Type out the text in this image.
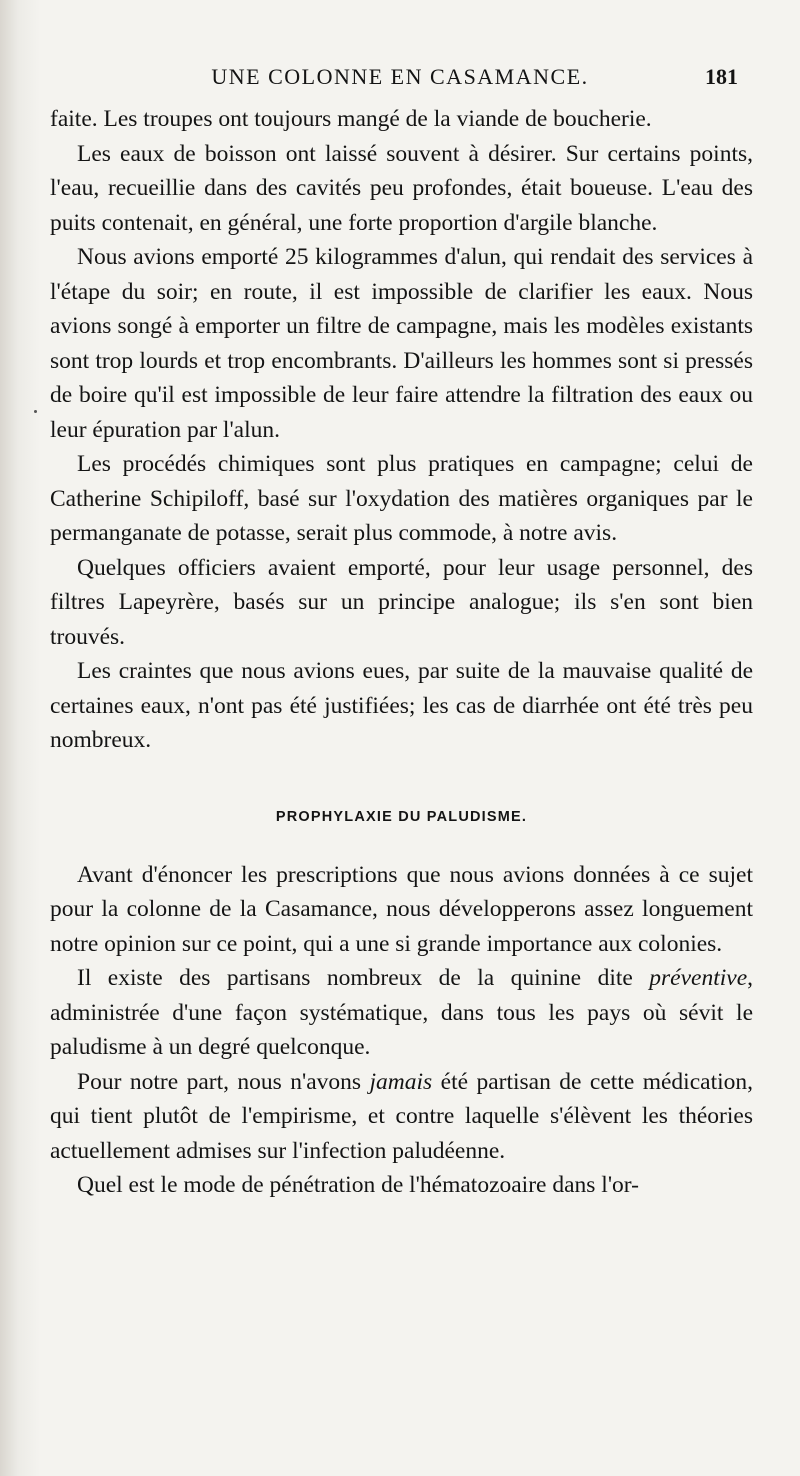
UNE COLONNE EN CASAMANCE.	181

faite. Les troupes ont toujours mangé de la viande de boucherie.

Les eaux de boisson ont laissé souvent à désirer. Sur certains points, l'eau, recueillie dans des cavités peu profondes, était boueuse. L'eau des puits contenait, en général, une forte proportion d'argile blanche.

Nous avions emporté 25 kilogrammes d'alun, qui rendait des services à l'étape du soir; en route, il est impossible de clarifier les eaux. Nous avions songé à emporter un filtre de campagne, mais les modèles existants sont trop lourds et trop encombrants. D'ailleurs les hommes sont si pressés de boire qu'il est impossible de leur faire attendre la filtration des eaux ou leur épuration par l'alun.

Les procédés chimiques sont plus pratiques en campagne; celui de Catherine Schipiloff, basé sur l'oxydation des matières organiques par le permanganate de potasse, serait plus commode, à notre avis.

Quelques officiers avaient emporté, pour leur usage personnel, des filtres Lapeyrère, basés sur un principe analogue; ils s'en sont bien trouvés.

Les craintes que nous avions eues, par suite de la mauvaise qualité de certaines eaux, n'ont pas été justifiées; les cas de diarrhée ont été très peu nombreux.

PROPHYLAXIE DU PALUDISME.

Avant d'énoncer les prescriptions que nous avions données à ce sujet pour la colonne de la Casamance, nous développerons assez longuement notre opinion sur ce point, qui a une si grande importance aux colonies.

Il existe des partisans nombreux de la quinine dite préventive, administrée d'une façon systématique, dans tous les pays où sévit le paludisme à un degré quelconque.

Pour notre part, nous n'avons jamais été partisan de cette médication, qui tient plutôt de l'empirisme, et contre laquelle s'élèvent les théories actuellement admises sur l'infection paludéenne.

Quel est le mode de pénétration de l'hématozoaire dans l'or-
